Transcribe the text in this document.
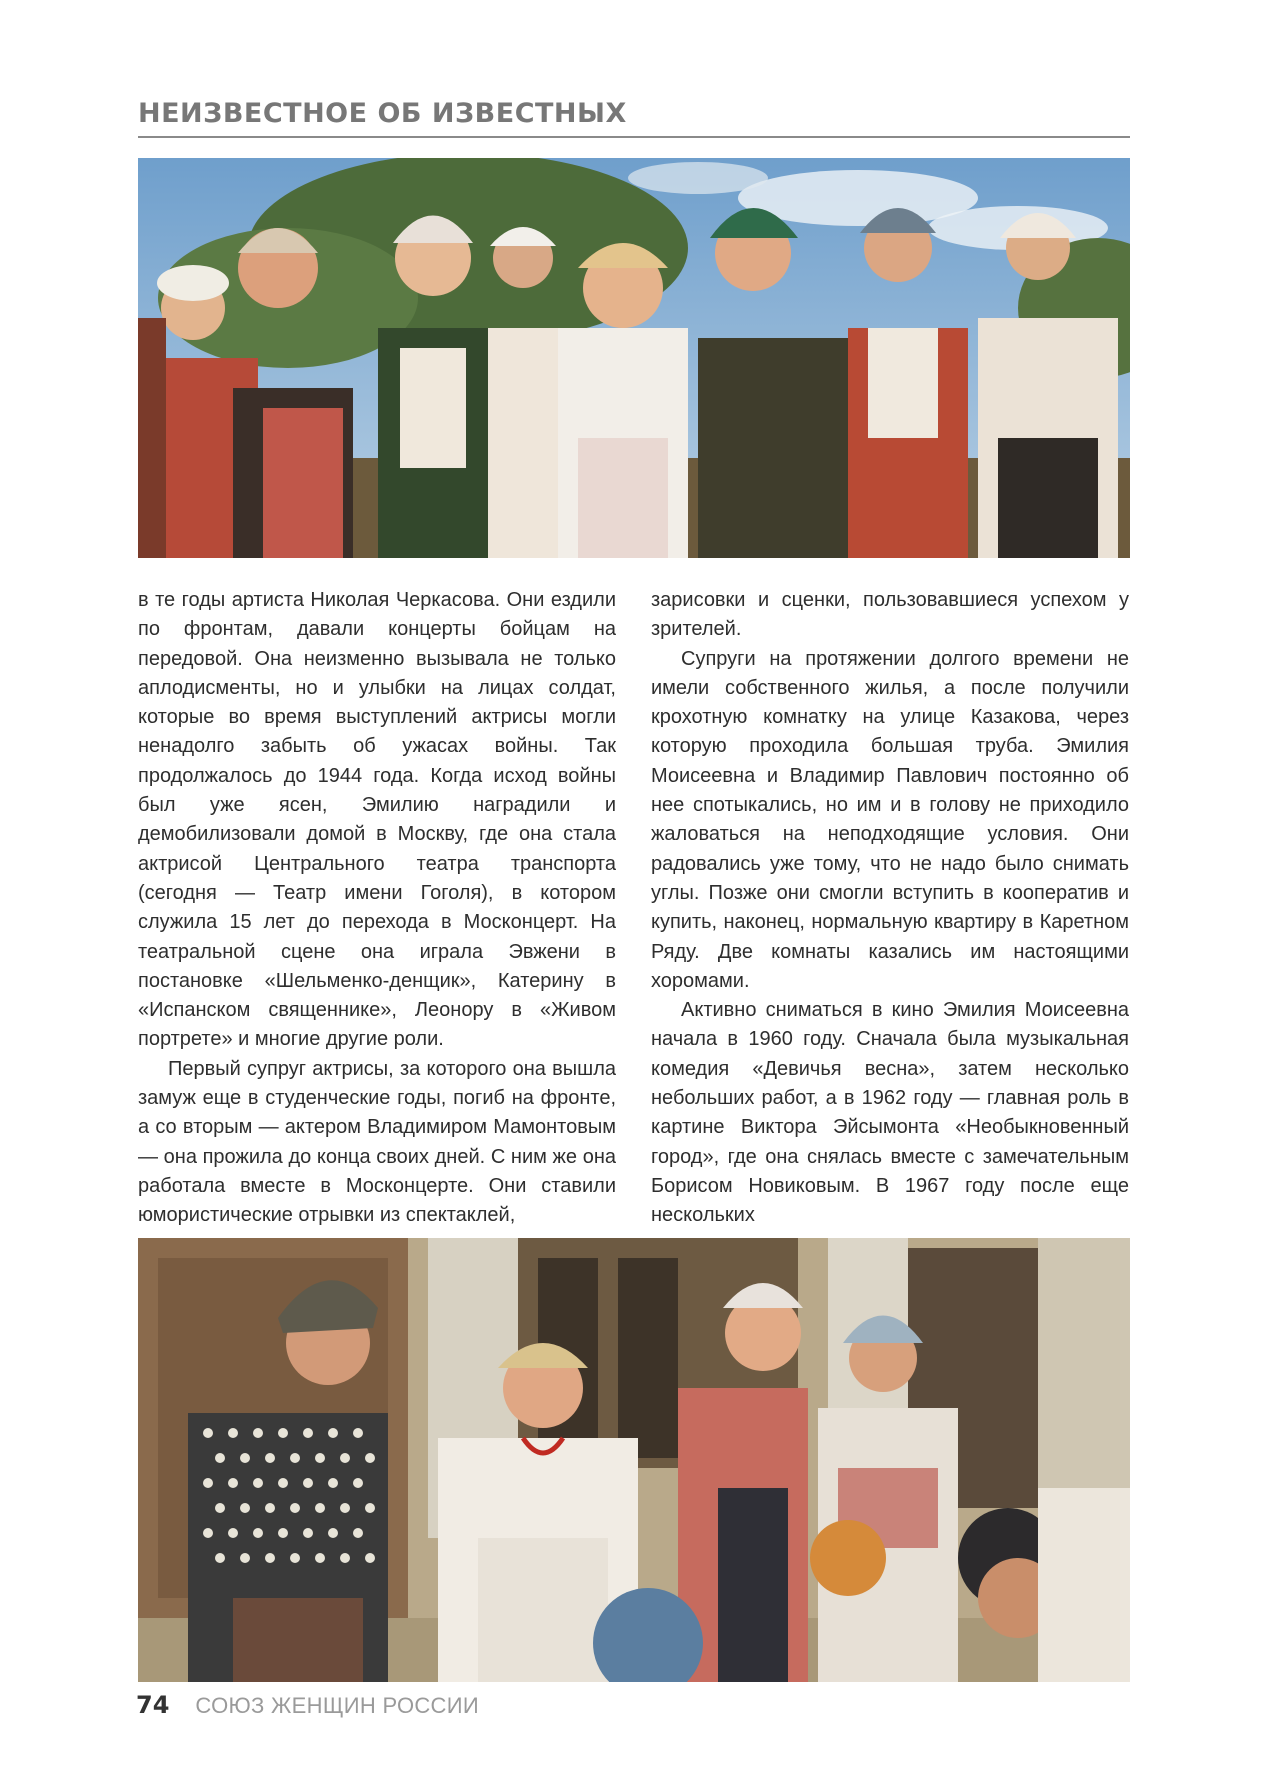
НЕИЗВЕСТНОЕ ОБ ИЗВЕСТНЫХ

в те годы артиста Николая Черкасова. Они ездили по фронтам, давали концерты бойцам на передовой. Она неизменно вызывала не только аплодисменты, но и улыбки на лицах солдат, которые во время выступлений актрисы могли ненадолго забыть об ужасах войны. Так продолжалось до 1944 года. Когда исход войны был уже ясен, Эмилию наградили и демобилизовали домой в Москву, где она стала актрисой Центрального театра транспорта (сегодня — Театр имени Гоголя), в котором служила 15 лет до перехода в Москонцерт. На театральной сцене она играла Эвжени в постановке «Шельменко-денщик», Катерину в «Испанском священнике», Леонору в «Живом портрете» и многие другие роли.

Первый супруг актрисы, за которого она вышла замуж еще в студенческие годы, погиб на фронте, а со вторым — актером Владимиром Мамонтовым — она прожила до конца своих дней. С ним же она работала вместе в Москонцерте. Они ставили юмористические отрывки из спектаклей,

зарисовки и сценки, пользовавшиеся успехом у зрителей.

Супруги на протяжении долгого времени не имели собственного жилья, а после получили крохотную комнатку на улице Казакова, через которую проходила большая труба. Эмилия Моисеевна и Владимир Павлович постоянно об нее спотыкались, но им и в голову не приходило жаловаться на неподходящие условия. Они радовались уже тому, что не надо было снимать углы. Позже они смогли вступить в кооператив и купить, наконец, нормальную квартиру в Каретном Ряду. Две комнаты казались им настоящими хоромами.

Активно сниматься в кино Эмилия Моисеевна начала в 1960 году. Сначала была музыкальная комедия «Девичья весна», затем несколько небольших работ, а в 1962 году — главная роль в картине Виктора Эйсымонта «Необыкновенный город», где она снялась вместе с замечательным Борисом Новиковым. В 1967 году после еще нескольких

74 СОЮЗ ЖЕНЩИН РОССИИ
